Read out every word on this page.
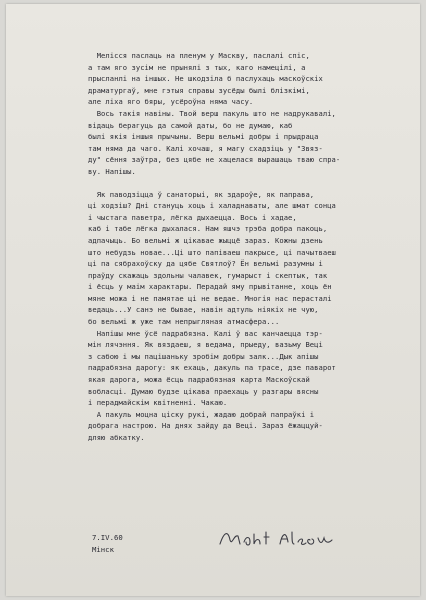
Мелісся паслаць на пленум у Маскву, паслалі спіс,
а там яго зусім не прынялі з тых, каго намецілі, а
прысланлі на іншых. Не шкодзіла б паслухаць маскоўскіх
драматургаў, мне гэтыя справы зусёды былі блізкімі,
але ліха яго бяры, усёроўна няма часу.
Вось такія навіны. Твой верш пакуль што не надрукавалі,
відаць берагуць да самой даты, бо не думаю, каб
былі якія іншыя прычыны. Верш вельмі добры і прыдраца
там няма да чаго. Калі хочаш, я магу схадзіць у "Звяз-
ду" сёння заўтра, без цябе не хацелася вырашаць тваю спра-
ву. Напішы.
Як паводзіцца ў санаторыі, як здароўе, як паправа,
ці ходзіш? Дні стануць хоць і халаднаваты, але шмат сонца
і чыстага паветра, лёгка дыхаецца. Вось і хадае,
каб і табе лёгка дыхалася. Нам яшчэ трэба добра пакоць,
адпачыць. Бо вельмі ж цікавае жыццё зараз. Кожны дзень
што небудзь новае...Ці што папіваеш пакрысе, ці пачытваеш
ці па сябрахоўску да цябе Святлоў? Ён вельмі разумны і
праўду скажаць здольны чалавек, гумарыст і скептык, так
і ёсць у маім характары. Перадай яму прывітанне, хоць ён
мяне можа і не памятае ці не ведае. Многія нас перасталі
ведаць...У санэ не бывае, навін адтуль ніякіх не чую,
бо вельмі ж уже там непрыгляная атмасфера...
Напішы мне ўсё падрабязна. Калі ў вас канчаецца тэр-
мін лячэння. Як вяздаеш, я ведама, прыеду, вазьму Веці
з сабою і мы пацішаньку зробім добры залк...Дык апішы
падрабязна дарогу: як ехаць, дакуль па трасе, дзе паварот
якая дарога, можа ёсць падрабязная карта Маскоўскай
вобласці. Думаю будзе цікава праехаць у разгары вясны
і перадмайскім квітненні. Чакаю.
А пакуль моцна ціску рукі, жадаю добрай папраўкі і
добрага настрою. На днях зайду да Веці. Зараз ёжаццуй-
дляю абкатку.
7.IV.60
Мінск
